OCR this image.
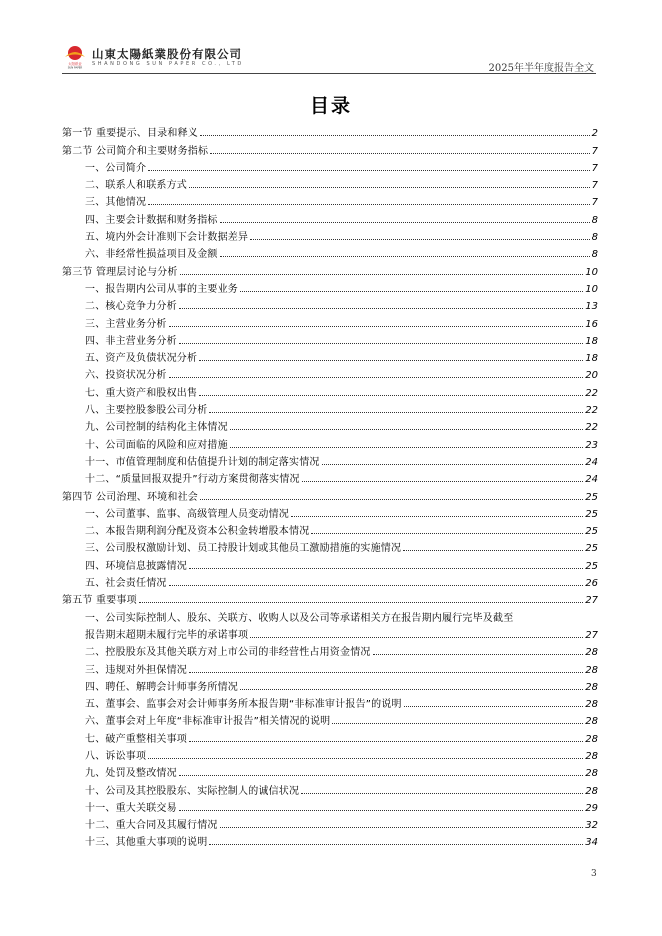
太阳纸业
SUN PAPER
山東太陽紙業股份有限公司
SHANDONG SUN PAPER CO., LTD	2025年半年度报告全文
目录
第一节 重要提示、目录和释义	2
第二节 公司简介和主要财务指标	7
一、公司简介	7
二、联系人和联系方式	7
三、其他情况	7
四、主要会计数据和财务指标	8
五、境内外会计准则下会计数据差异	8
六、非经常性损益项目及金额	8
第三节 管理层讨论与分析	10
一、报告期内公司从事的主要业务	10
二、核心竞争力分析	13
三、主营业务分析	16
四、非主营业务分析	18
五、资产及负债状况分析	18
六、投资状况分析	20
七、重大资产和股权出售	22
八、主要控股参股公司分析	22
九、公司控制的结构化主体情况	22
十、公司面临的风险和应对措施	23
十一、市值管理制度和估值提升计划的制定落实情况	24
十二、“质量回报双提升”行动方案贯彻落实情况	24
第四节 公司治理、环境和社会	25
一、公司董事、监事、高级管理人员变动情况	25
二、本报告期利润分配及资本公积金转增股本情况	25
三、公司股权激励计划、员工持股计划或其他员工激励措施的实施情况	25
四、环境信息披露情况	25
五、社会责任情况	26
第五节 重要事项	27
一、公司实际控制人、股东、关联方、收购人以及公司等承诺相关方在报告期内履行完毕及截至
报告期末超期未履行完毕的承诺事项	27
二、控股股东及其他关联方对上市公司的非经营性占用资金情况	28
三、违规对外担保情况	28
四、聘任、解聘会计师事务所情况	28
五、董事会、监事会对会计师事务所本报告期“非标准审计报告”的说明	28
六、董事会对上年度“非标准审计报告”相关情况的说明	28
七、破产重整相关事项	28
八、诉讼事项	28
九、处罚及整改情况	28
十、公司及其控股股东、实际控制人的诚信状况	28
十一、重大关联交易	29
十二、重大合同及其履行情况	32
十三、其他重大事项的说明	34
3
